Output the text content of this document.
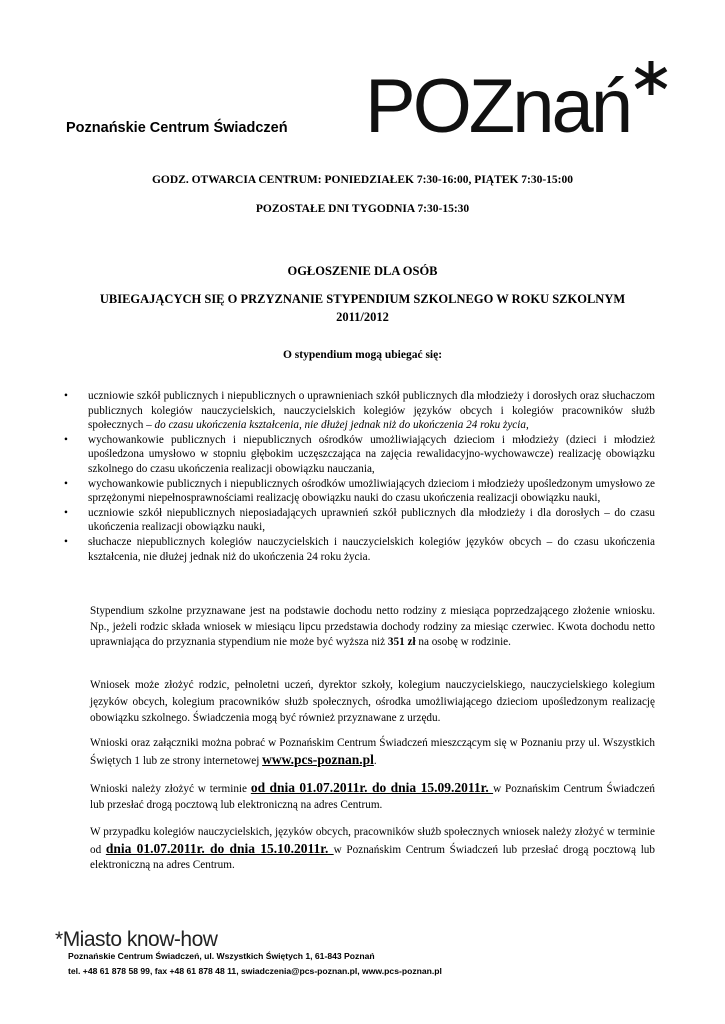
Poznańskie Centrum Świadczeń POZnań
GODZ. OTWARCIA CENTRUM: PONIEDZIAŁEK 7:30-16:00, PIĄTEK 7:30-15:00
POZOSTAŁE DNI TYGODNIA 7:30-15:30
OGŁOSZENIE DLA OSÓB
UBIEGAJĄCYCH SIĘ O PRZYZNANIE STYPENDIUM SZKOLNEGO W ROKU SZKOLNYM 2011/2012
O stypendium mogą ubiegać się:
• uczniowie szkół publicznych i niepublicznych o uprawnieniach szkół publicznych dla młodzieży i dorosłych oraz słuchaczom publicznych kolegiów nauczycielskich, nauczycielskich kolegiów języków obcych i kolegiów pracowników służb społecznych – do czasu ukończenia kształcenia, nie dłużej jednak niż do ukończenia 24 roku życia,
• wychowankowie publicznych i niepublicznych ośrodków umożliwiających dzieciom i młodzieży (dzieci i młodzież upośledzona umysłowo w stopniu głębokim uczęszczająca na zajęcia rewalidacyjno-wychowawcze) realizację obowiązku szkolnego do czasu ukończenia realizacji obowiązku nauczania,
• wychowankowie publicznych i niepublicznych ośrodków umożliwiających dzieciom i młodzieży upośledzonym umysłowo ze sprzężonymi niepełnosprawnościami realizację obowiązku nauki do czasu ukończenia realizacji obowiązku nauki,
• uczniowie szkół niepublicznych nieposiadających uprawnień szkół publicznych dla młodzieży i dla dorosłych – do czasu ukończenia realizacji obowiązku nauki,
• słuchacze niepublicznych kolegiów nauczycielskich i nauczycielskich kolegiów języków obcych – do czasu ukończenia kształcenia, nie dłużej jednak niż do ukończenia 24 roku życia.
Stypendium szkolne przyznawane jest na podstawie dochodu netto rodziny z miesiąca poprzedzającego złożenie wniosku. Np., jeżeli rodzic składa wniosek w miesiącu lipcu przedstawia dochody rodziny za miesiąc czerwiec. Kwota dochodu netto uprawniająca do przyznania stypendium nie może być wyższa niż 351 zł na osobę w rodzinie.
Wniosek może złożyć rodzic, pełnoletni uczeń, dyrektor szkoły, kolegium nauczycielskiego, nauczycielskiego kolegium języków obcych, kolegium pracowników służb społecznych, ośrodka umożliwiającego dzieciom upośledzonym realizację obowiązku szkolnego. Świadczenia mogą być również przyznawane z urzędu.
Wnioski oraz załączniki można pobrać w Poznańskim Centrum Świadczeń mieszczącym się w Poznaniu przy ul. Wszystkich Świętych 1 lub ze strony internetowej www.pcs-poznan.pl.
Wnioski należy złożyć w terminie od dnia 01.07.2011r. do dnia 15.09.2011r. w Poznańskim Centrum Świadczeń lub przesłać drogą pocztową lub elektroniczną na adres Centrum.
W przypadku kolegiów nauczycielskich, języków obcych, pracowników służb społecznych wniosek należy złożyć w terminie od dnia 01.07.2011r. do dnia 15.10.2011r. w Poznańskim Centrum Świadczeń lub przesłać drogą pocztową lub elektroniczną na adres Centrum.
*Miasto know-how
Poznańskie Centrum Świadczeń, ul. Wszystkich Świętych 1, 61-843 Poznań
tel. +48 61 878 58 99, fax +48 61 878 48 11, swiadczenia@pcs-poznan.pl, www.pcs-poznan.pl
